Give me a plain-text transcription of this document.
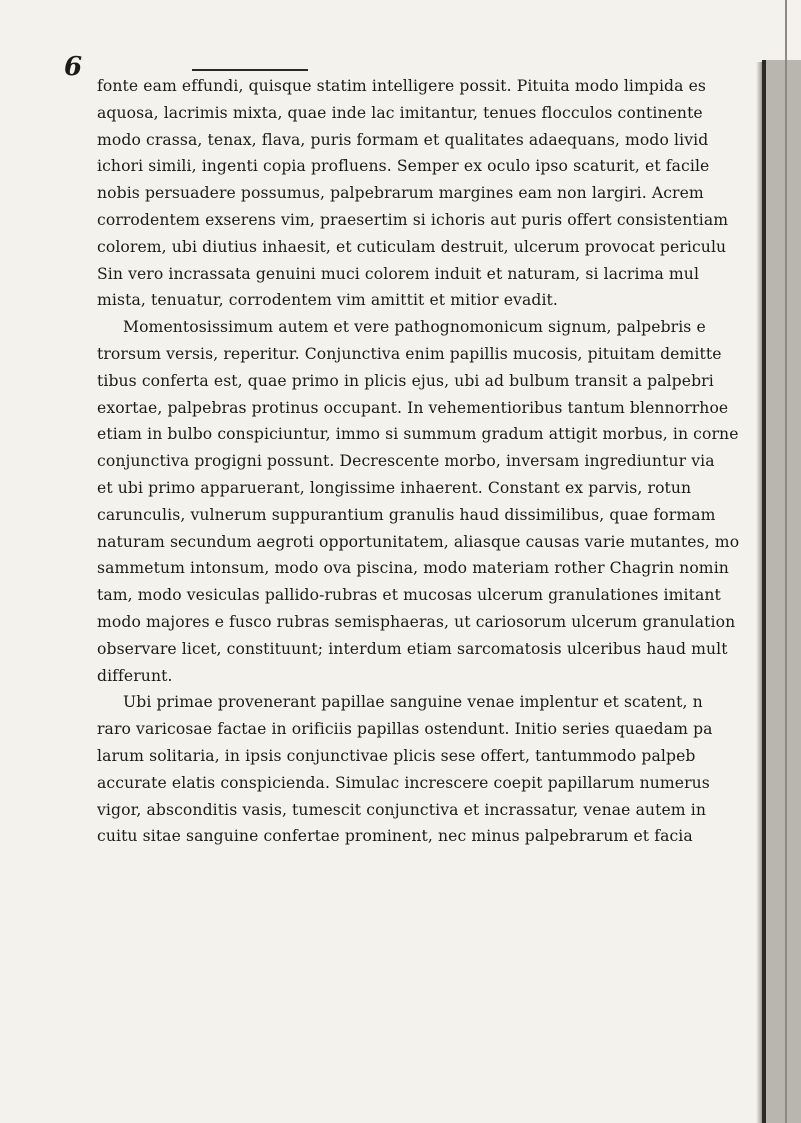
6
fonte eam effundi, quisque statim intelligere possit. Pituita modo limpida es
aquosa, lacrimis mixta, quae inde lac imitantur, tenues flocculos continente
modo crassa, tenax, flava, puris formam et qualitates adaequans, modo livid
ichori simili, ingenti copia profluens. Semper ex oculo ipso scaturit, et facile
nobis persuadere possumus, palpebrarum margines eam non largiri. Acrem
corrodentem exserens vim, praesertim si ichoris aut puris offert consistentiam
colorem, ubi diutius inhaesit, et cuticulam destruit, ulcerum provocat periculu
Sin vero incrassata genuini muci colorem induit et naturam, si lacrima mul
mista, tenuatur, corrodentem vim amittit et mitior evadit.
Momentosissimum autem et vere pathognomonicum signum, palpebris e
trorsum versis, reperitur. Conjunctiva enim papillis mucosis, pituitam demitte
tibus conferta est, quae primo in plicis ejus, ubi ad bulbum transit a palpebri
exortae, palpebras protinus occupant. In vehementioribus tantum blennorrhoe
etiam in bulbo conspiciuntur, immo si summum gradum attigit morbus, in corne
conjunctiva progigni possunt. Decrescente morbo, inversam ingrediuntur via
et ubi primo apparuerant, longissime inhaerent. Constant ex parvis, rotun
carunculis, vulnerum suppurantium granulis haud dissimilibus, quae formam
naturam secundum aegroti opportunitatem, aliasque causas varie mutantes, mo
sammetum intonsum, modo ova piscina, modo materiam rother Chagrin nomin
tam, modo vesiculas pallido-rubras et mucosas ulcerum granulationes imitant
modo majores e fusco rubras semisphaeras, ut cariosorum ulcerum granulation
observare licet, constituunt; interdum etiam sarcomatosis ulceribus haud mult
differunt.
Ubi primae provenerant papillae sanguine venae implentur et scatent, n
raro varicosae factae in orificiis papillas ostendunt. Initio series quaedam pa
larum solitaria, in ipsis conjunctivae plicis sese offert, tantummodo palpeb
accurate elatis conspicienda. Simulac increscere coepit papillarum numerus
vigor, absconditis vasis, tumescit conjunctiva et incrassatur, venae autem in
cuitu sitae sanguine confertae prominent, nec minus palpebrarum et facia
